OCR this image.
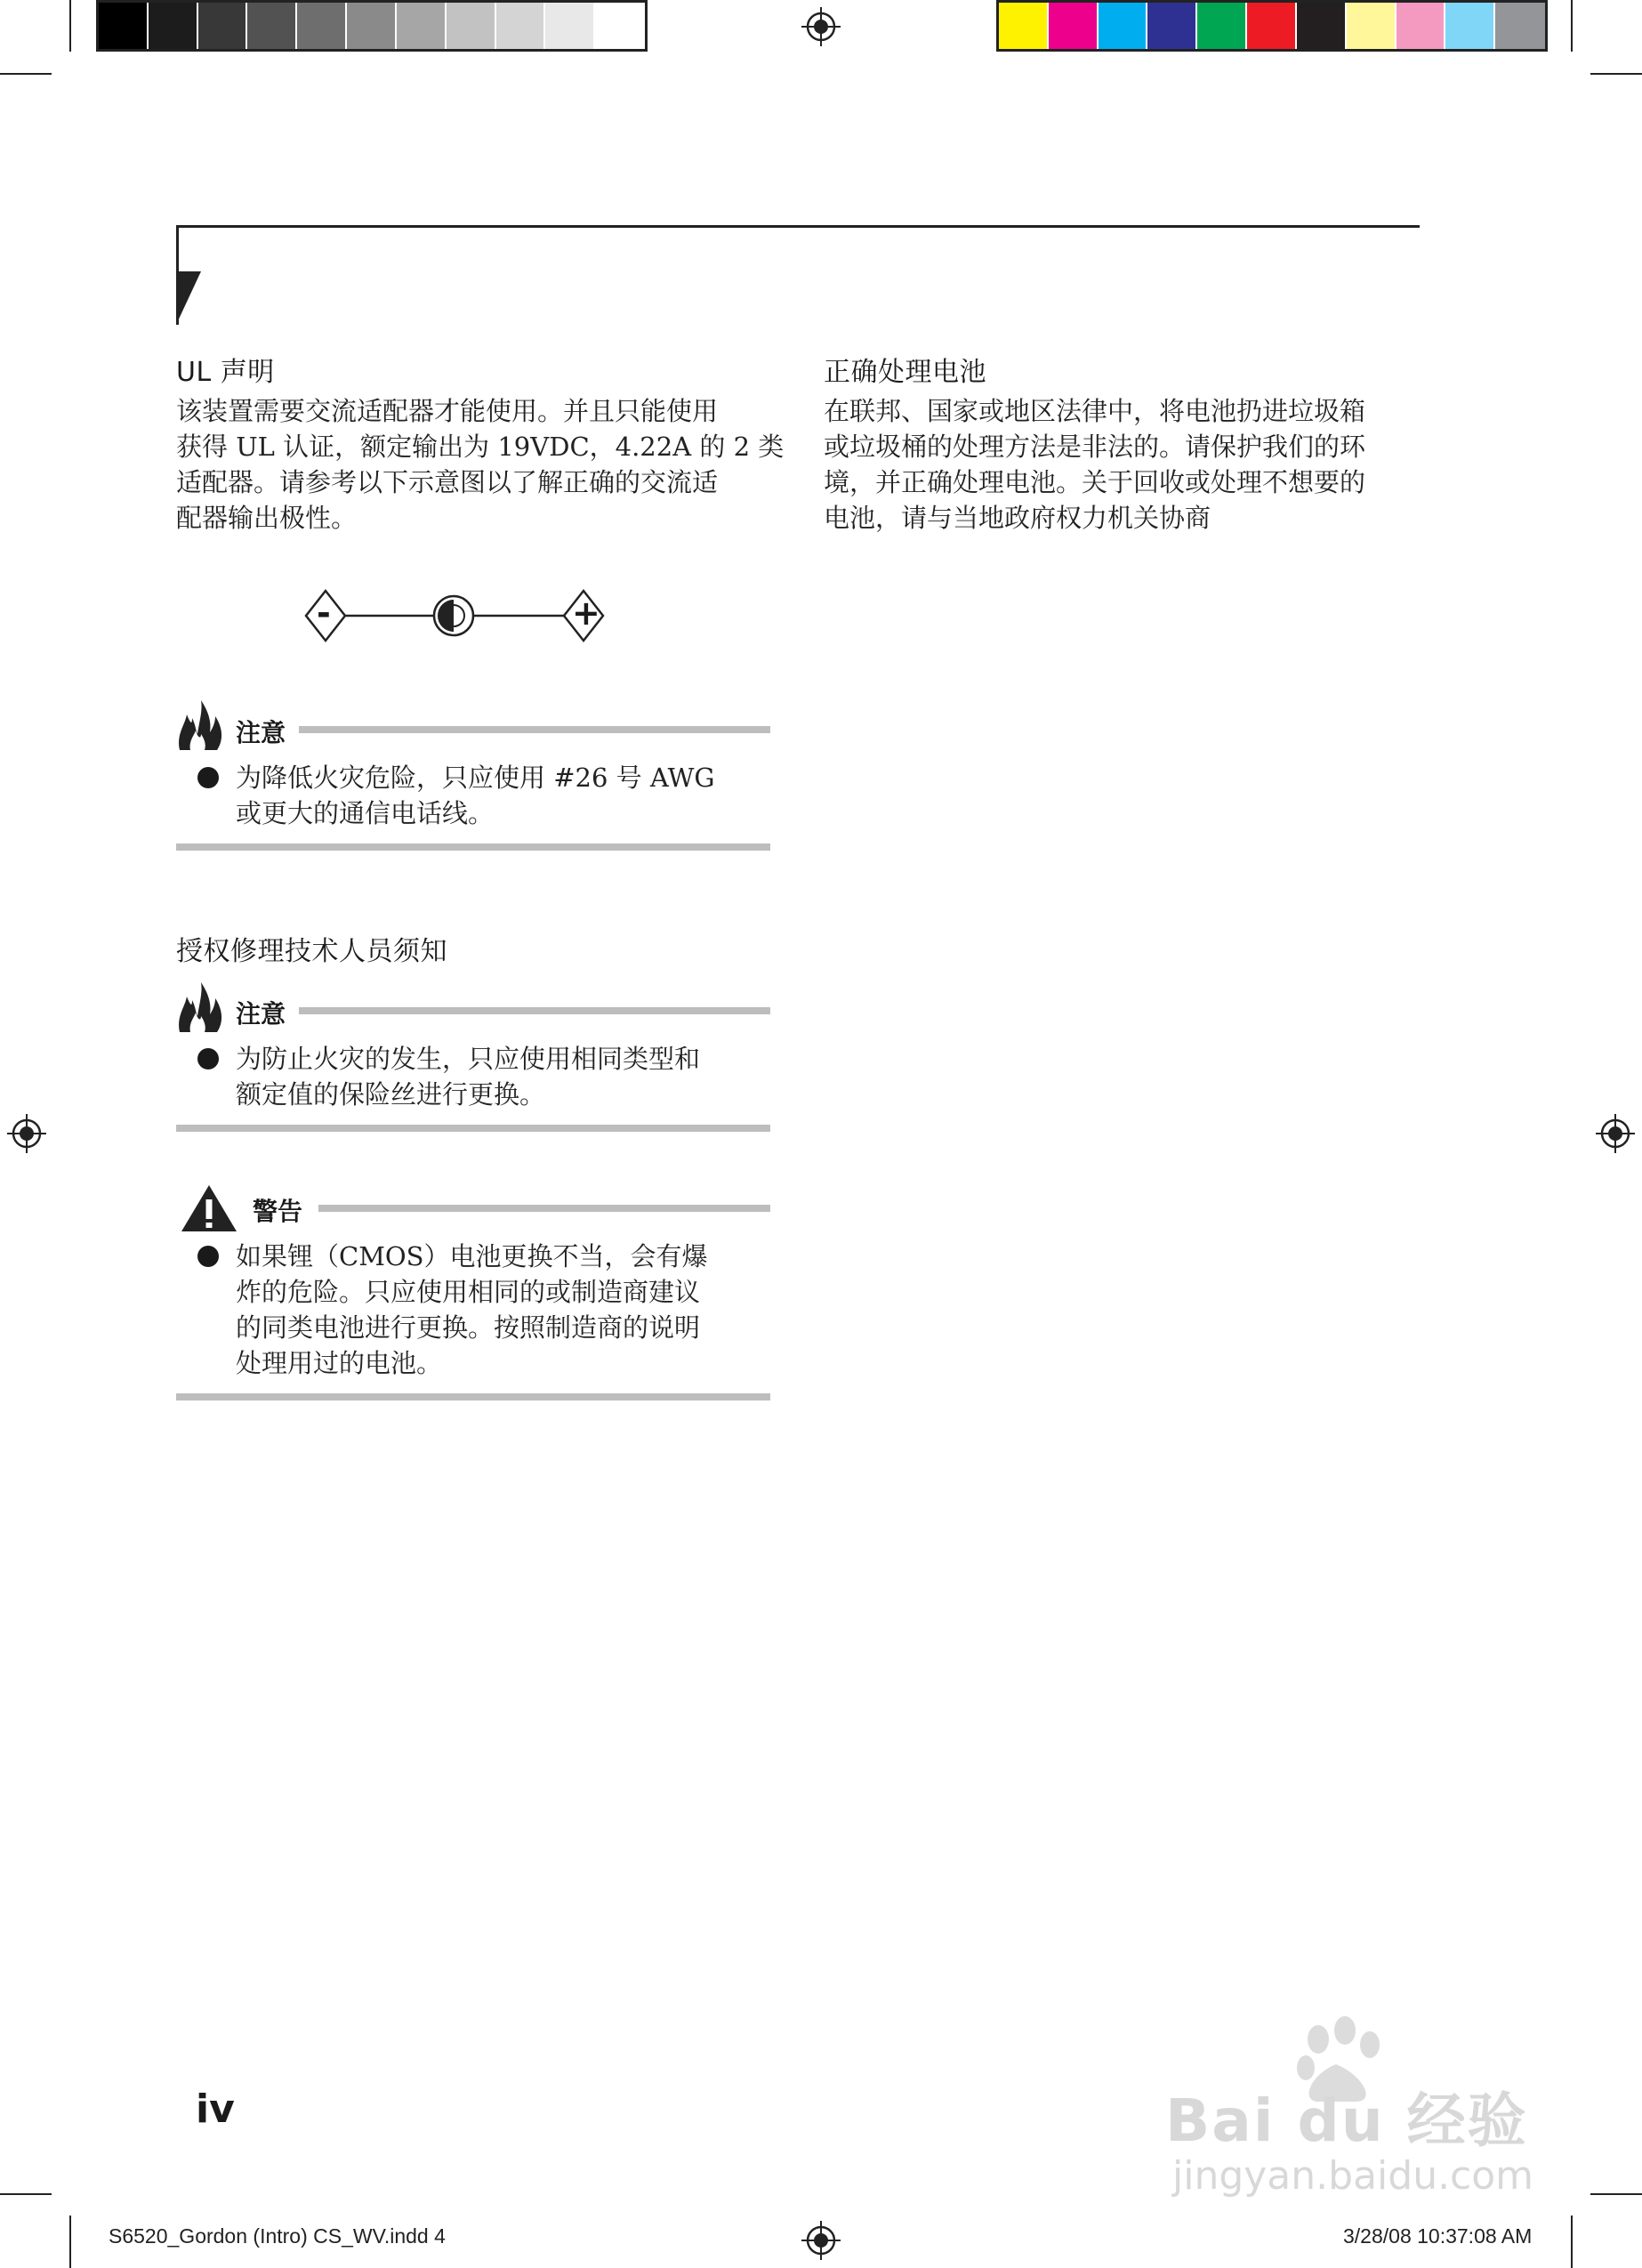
UL 声明
该装置需要交流适配器才能使用。并且只能使用
获得 UL 认证，额定输出为 19VDC，4.22A 的 2 类
适配器。请参考以下示意图以了解正确的交流适
配器输出极性。
-	+
注意
为降低火灾危险，只应使用 #26 号 AWG
或更大的通信电话线。
授权修理技术人员须知
注意
为防止火灾的发生，只应使用相同类型和
额定值的保险丝进行更换。
警告
如果锂（CMOS）电池更换不当，会有爆
炸的危险。只应使用相同的或制造商建议
的同类电池进行更换。按照制造商的说明
处理用过的电池。
正确处理电池
在联邦、国家或地区法律中，将电池扔进垃圾箱
或垃圾桶的处理方法是非法的。请保护我们的环
境，并正确处理电池。关于回收或处理不想要的
电池，请与当地政府权力机关协商
iv	Bai du 经验
jingyan.baidu.com
S6520_Gordon (Intro) CS_WV.indd 4	3/28/08 10:37:08 AM
